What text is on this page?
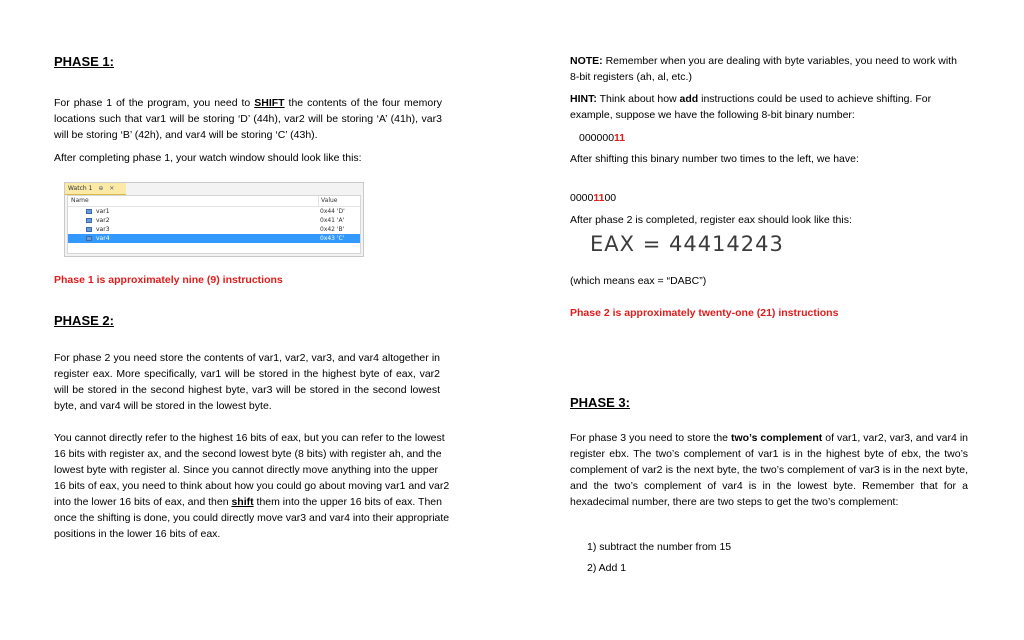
PHASE 1:
For phase 1 of the program, you need to SHIFT the contents of the four memory locations such that var1 will be storing ‘D’ (44h), var2 will be storing ‘A’ (41h), var3 will be storing ‘B’ (42h), and var4 will be storing ‘C’ (43h).
After completing phase 1, your watch window should look like this:
Watch 1 ⊕ ✕
Name	Value
var1	0x44 'D'
var2	0x41 'A'
var3	0x42 'B'
var4	0x43 'C'
Phase 1 is approximately nine (9) instructions
PHASE 2:
For phase 2 you need store the contents of var1, var2, var3, and var4 altogether in register eax. More specifically, var1 will be stored in the highest byte of eax, var2 will be stored in the second highest byte, var3 will be stored in the second lowest byte, and var4 will be stored in the lowest byte.
You cannot directly refer to the highest 16 bits of eax, but you can refer to the lowest 16 bits with register ax, and the second lowest byte (8 bits) with register ah, and the lowest byte with register al. Since you cannot directly move anything into the upper 16 bits of eax, you need to think about how you could go about moving var1 and var2 into the lower 16 bits of eax, and then shift them into the upper 16 bits of eax. Then once the shifting is done, you could directly move var3 and var4 into their appropriate positions in the lower 16 bits of eax.
NOTE: Remember when you are dealing with byte variables, you need to work with 8-bit registers (ah, al, etc.)
HINT: Think about how add instructions could be used to achieve shifting. For example, suppose we have the following 8-bit binary number:
00000011
After shifting this binary number two times to the left, we have:
00001100
After phase 2 is completed, register eax should look like this:
EAX = 44414243
(which means eax = “DABC”)
Phase 2 is approximately twenty-one (21) instructions
PHASE 3:
For phase 3 you need to store the two’s complement of var1, var2, var3, and var4 in register ebx. The two’s complement of var1 is in the highest byte of ebx, the two’s complement of var2 is the next byte, the two’s complement of var3 is in the next byte, and the two’s complement of var4 is in the lowest byte. Remember that for a hexadecimal number, there are two steps to get the two’s complement:
1) subtract the number from 15
2) Add 1
